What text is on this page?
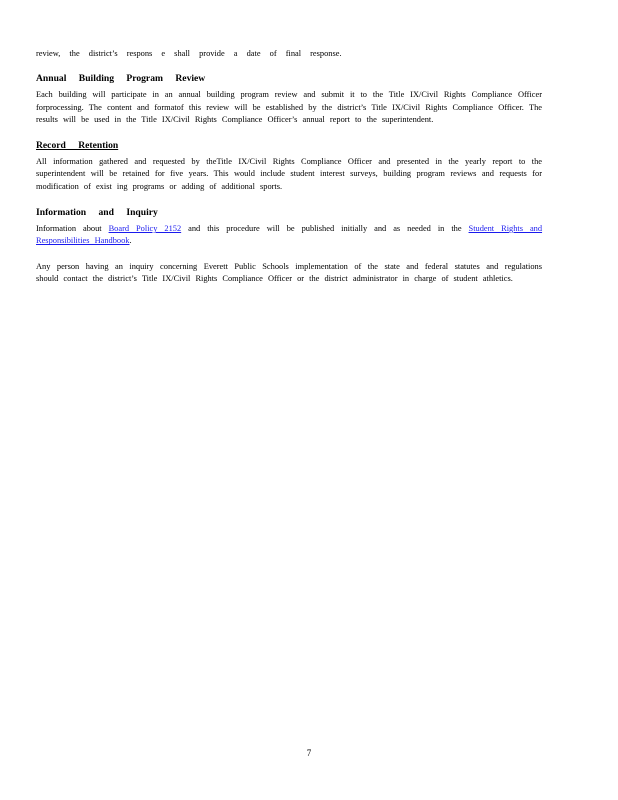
review, the district’s respons e shall provide a date of final response.

Annual Building Program Review

Each building will participate in an annual building program review and submit it to the Title IX/Civil Rights Compliance Officer forprocessing. The content and formatof this review will be established by the district’s Title IX/Civil Rights Compliance Officer. The results will be used in the Title IX/Civil Rights Compliance Officer’s annual report to the superintendent.

Record Retention

All information gathered and requested by theTitle IX/Civil Rights Compliance Officer and presented in the yearly report to the superintendent will be retained for five years. This would include student interest surveys, building program reviews and requests for modification of exist ing programs or adding of additional sports.

Information and Inquiry

Information about Board Policy 2152 and this procedure will be published initially and as needed in the Student Rights and Responsibilities Handbook.

Any person having an inquiry concerning Everett Public Schools implementation of the state and federal statutes and regulations should contact the district’s Title IX/Civil Rights Compliance Officer or the district administrator in charge of student athletics.

7
